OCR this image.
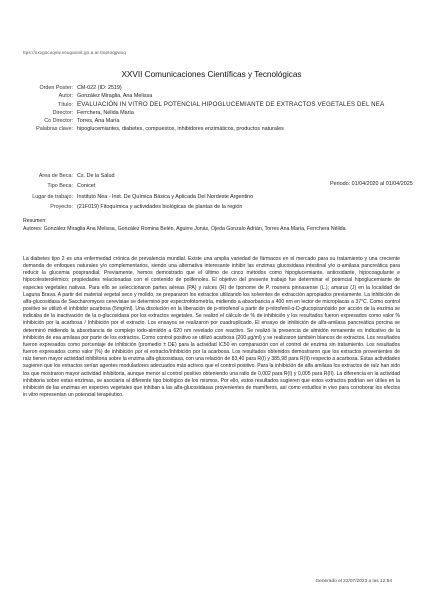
ttps://xxvgocxqvw.veugaunit.go.a.ar.ttoptoqgwxq
XXVII Comunicaciones Científicas y Tecnológicas
Orden Poster: CM-022 (ID: 2519)
Autor: González Miraglia, Ana Melissa
Título: EVALUACIÓN IN VITRO DEL POTENCIAL HIPOGLUCEMIANTE DE EXTRACTOS VEGETALES DEL NEA
Director: Ferrchera, Nélida María
Co Director: Torres, Ana María
Palabras clave: hipoglucemiantes, diabetes, compuestos, inhibidores enzimáticos, productos naturales
Área de Beca: Cs. De la Salud
Tipo Beca: Conicet
Lugar de trabajo: Instituto Nea - Inst. De Química Básica y Aplicada Del Nordeste Argentino
Proyecto: (21F019) Fitoquímica y actividades biológicas de plantas de la región
Periodo: 01/04/2020 al 01/04/2025
Resumen:
Autores: González Miraglia Ana Melissa, González Romina Belén, Aguirre Jonás, Ojeda Gonzalo Adrián, Torres Ana María, Ferrchera Nélida
La diabetes tipo 2 es una enfermedad crónica de prevalencia mundial. Existe una amplia variedad de fármacos en el mercado para su tratamiento y una creciente demanda de enfoques naturales y/o complementarios, siendo una alternativa interesante inhibir las enzimas glucosidasa intestinal y/o α-amilasa pancreática para reducir la glucemia posprandial. Previamente, hemos demostrado que el último de cinco métodos como hipoglucemiante, antioxidante, hipocoagulante e hipocolesterolémico; propiedades relacionadas con el contenido de polifenoles. El objetivo del presente trabajo fue determinar el potencial hipoglucemiante de especies vegetales nativas. Para ello se seleccionaron partes aéreas (PA) y raíces (R) de Iponome de P. rounera pinnasense (L.); amarus (J) en la localidad de Laguna Brava. A partir del material vegetal seco y molido, se prepararon los extractos utilizando los solventes de extracción apropiados previamente. La inhibición de alfa-glucosidasa de Saccharomyces cerevisiae se determinó por espectrofotometría, midiendo a absorbancia a 400 nm en lector de microplacas a 37°C. Como control positivo se utilizó el inhibidor acarbosa (5mg/ml). Una disolución en la liberación de p-nitrofenol a partir de p-nitrofenil-α-D-glucopiranósido por acción de la enzima se indicaba de la inactivación de la α-glucosidasa por los extractos vegetales. Se realizó el cálculo de % de inhibición y los resultados fueron expresados como valor % inhibición por la acarbosa / Inhibición por el extracto. Los ensayos se realizaron por cuadruplicado. El ensayo de inhibición de alfa-amilasa pancreática porcina se determinó midiendo la absorbancia de complejo iodo-almidón a 620 nm revelado con reactivo. Se realizó la presencia de almidón remanente es indicativo de la inhibición de esa amilasa por parte de los extractos. Como control positivo se utilizó acarbosa (200 μg/ml) y se realizaron también blancos de extractos. Los resultados fueron expresados como porcentaje de inhibición (promedio ± DE) para la actividad IC50 en comparación con el control de enzima sin tratamiento. Los resultados fueron expresados como valor (%) de inhibición por el extracto/Inhibición por la acarbosa. Los resultados obtenidos demostraron que los extractos provenientes de raíz tienen mayor actividad inhibitoria sobre la enzima alfa-glucosidasa, con una relación de 83,40 para R(I) y 385,98 para R(II) respecto a acarbosa. Estas actividades sugieren que los extractos serían agentes moduladores adecuados más activos que el control positivo. Para la inhibición de alfa amilasa los extractos de raíz han sido los que mostraron mayor actividad inhibitoria, aunque menor al control positivo obteniendo una ratio de 0,002 para R(I) y 0,005 para R(II). La diferencia en la actividad inhibitoria sobre estas enzimas, se asociaría al diferente tipo biológico de los mismos. Por ello, estos resultados sugieren que estos extractos podrían ser útiles en la inhibición de las enzimas en especies vegetales que inhiban a las alfa-glucosidasas provenientes de mamíferos, así como estudios in vivo para corroborar los efectos in vitro representan un potencial terapéutico.
Generado el 22/07/2023 a las 12:54
